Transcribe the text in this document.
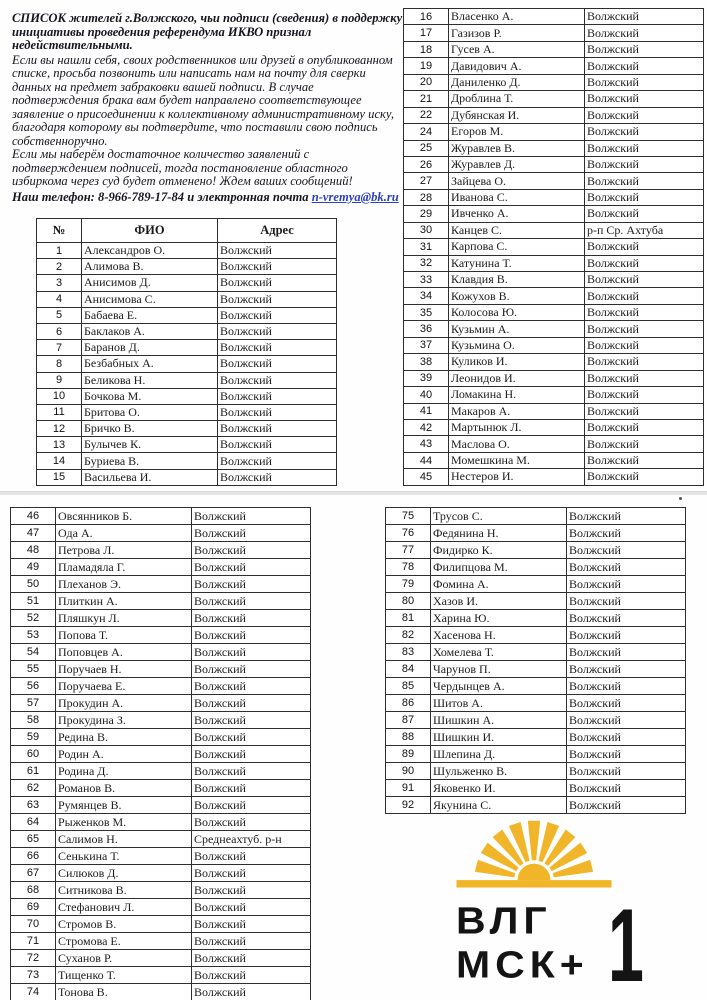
СПИСОК жителей г.Волжского, чьи подписи (сведения) в поддержку инициативы проведения референдума ИКВО признал недействительными.

Если вы нашли себя, своих родственников или друзей в опубликованном списке, просьба позвонить или написать нам на почту для сверки данных на предмет забраковки вашей подписи. В случае подтверждения брака вам будет направлено соответствующее заявление о присоединении к коллективному административному иску, благодаря которому вы подтвердите, что поставили свою подпись собственноручно.

Если мы наберём достаточное количество заявлений с подтверждением подписей, тогда постановление областного избиркома через суд будет отменено! Ждем ваших сообщений!

Наш телефон: 8-966-789-17-84 и электронная почта n-vremya@bk.ru

№	ФИО	Адрес
1	Александров О.	Волжский
2	Алимова В.	Волжский
3	Анисимов Д.	Волжский
4	Анисимова С.	Волжский
5	Бабаева Е.	Волжский
6	Баклаков А.	Волжский
7	Баранов Д.	Волжский
8	Безбабных А.	Волжский
9	Беликова Н.	Волжский
10	Бочкова М.	Волжский
11	Бритова О.	Волжский
12	Бричко В.	Волжский
13	Булычев К.	Волжский
14	Буриева В.	Волжский
15	Васильева И.	Волжский
16	Власенко А.	Волжский
17	Газизов Р.	Волжский
18	Гусев А.	Волжский
19	Давидович А.	Волжский
20	Даниленко Д.	Волжский
21	Дроблина Т.	Волжский
22	Дубянская И.	Волжский
24	Егоров М.	Волжский
25	Журавлев В.	Волжский
26	Журавлев Д.	Волжский
27	Зайцева О.	Волжский
28	Иванова С.	Волжский
29	Ивченко А.	Волжский
30	Канцев С.	р-п Ср. Ахтуба
31	Карпова С.	Волжский
32	Катунина Т.	Волжский
33	Клавдия В.	Волжский
34	Кожухов В.	Волжский
35	Колосова Ю.	Волжский
36	Кузьмин А.	Волжский
37	Кузьмина О.	Волжский
38	Куликов И.	Волжский
39	Леонидов И.	Волжский
40	Ломакина Н.	Волжский
41	Макаров А.	Волжский
42	Мартынюк Л.	Волжский
43	Маслова О.	Волжский
44	Момешкина М.	Волжский
45	Нестеров И.	Волжский
46	Овсянников Б.	Волжский
47	Ода А.	Волжский
48	Петрова Л.	Волжский
49	Пламадяла Г.	Волжский
50	Плеханов Э.	Волжский
51	Плиткин А.	Волжский
52	Пляшкун Л.	Волжский
53	Попова Т.	Волжский
54	Поповцев А.	Волжский
55	Поручаев Н.	Волжский
56	Поручаева Е.	Волжский
57	Прокудин А.	Волжский
58	Прокудина З.	Волжский
59	Редина В.	Волжский
60	Родин А.	Волжский
61	Родина Д.	Волжский
62	Романов В.	Волжский
63	Румянцев В.	Волжский
64	Рыженков М.	Волжский
65	Салимов Н.	Среднеахтуб. р-н
66	Сенькина Т.	Волжский
67	Силюков Д.	Волжский
68	Ситникова В.	Волжский
69	Стефанович Л.	Волжский
70	Стромов В.	Волжский
71	Стромова Е.	Волжский
72	Суханов Р.	Волжский
73	Тищенко Т.	Волжский
74	Тонова В.	Волжский
75	Трусов С.	Волжский
76	Федянина Н.	Волжский
77	Фидирко К.	Волжский
78	Филипцова М.	Волжский
79	Фомина А.	Волжский
80	Хазов И.	Волжский
81	Харина Ю.	Волжский
82	Хасенова Н.	Волжский
83	Хомелева Т.	Волжский
84	Чарунов П.	Волжский
85	Чердынцев А.	Волжский
86	Шитов А.	Волжский
87	Шишкин А.	Волжский
88	Шишкин И.	Волжский
89	Шлепина Д.	Волжский
90	Шульженко В.	Волжский
91	Яковенко И.	Волжский
92	Якунина С.	Волжский
ВЛГ
МСК+ 1
